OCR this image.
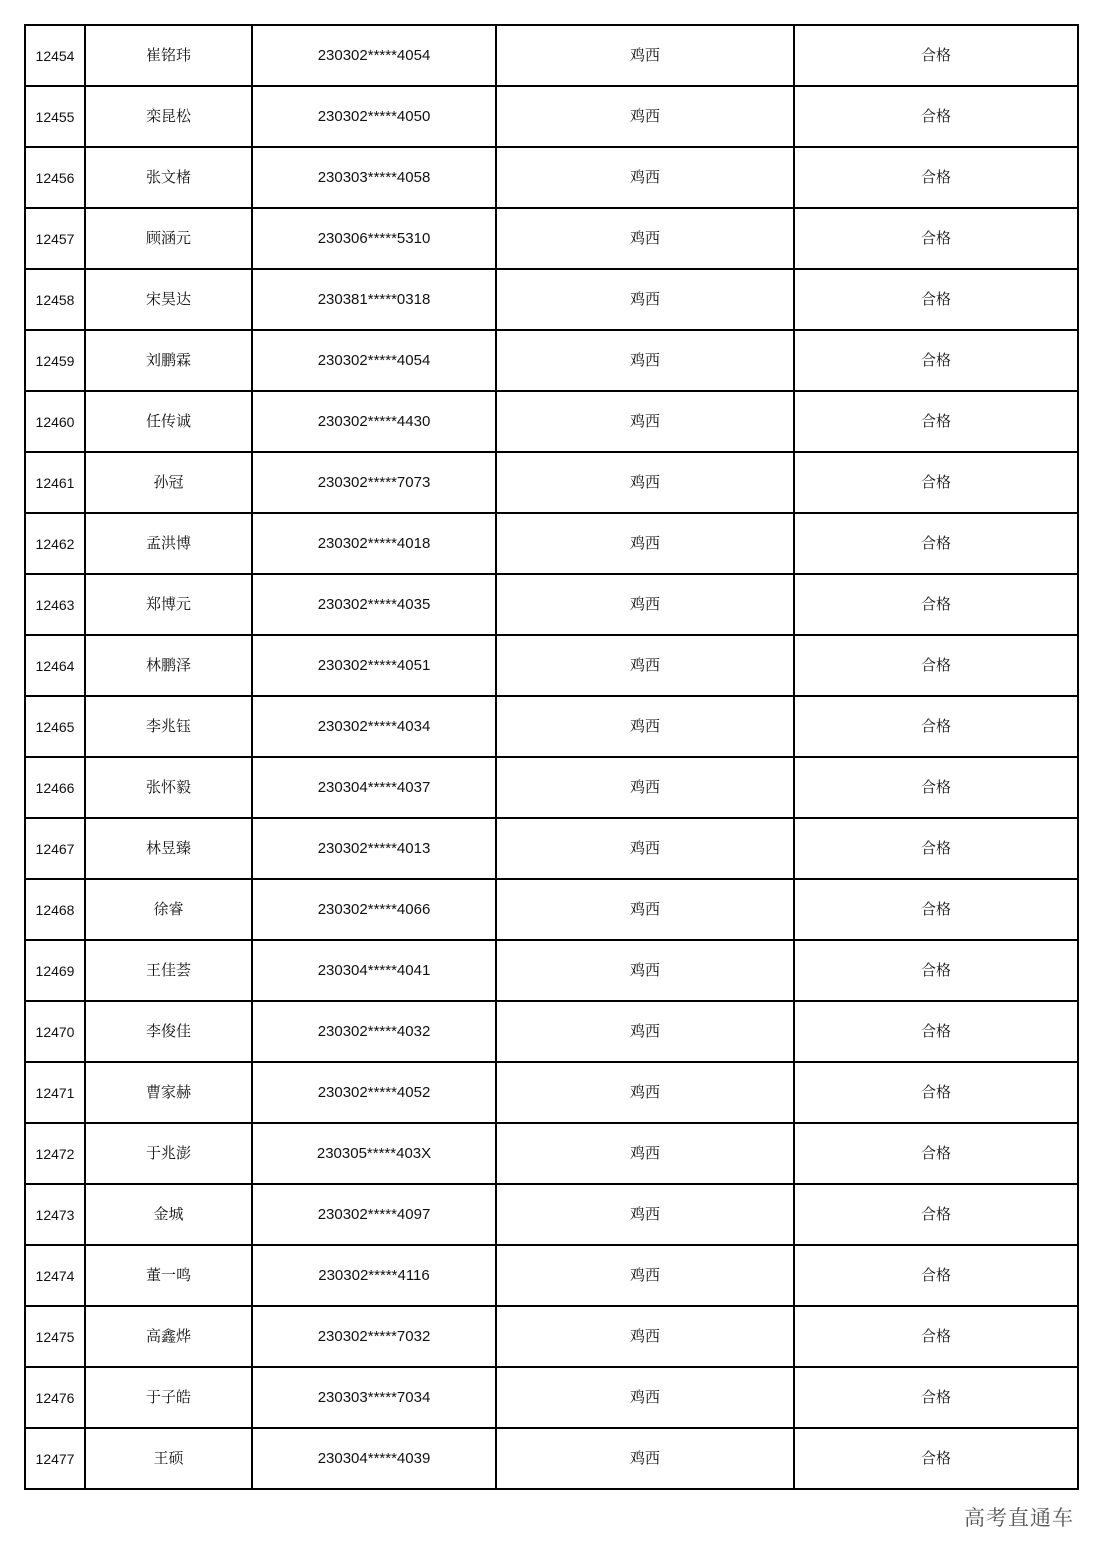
12454	崔铭玮	230302*****4054	鸡西	合格
12455	栾昆松	230302*****4050	鸡西	合格
12456	张文楮	230303*****4058	鸡西	合格
12457	顾涵元	230306*****5310	鸡西	合格
12458	宋昊达	230381*****0318	鸡西	合格
12459	刘鹏霖	230302*****4054	鸡西	合格
12460	任传诚	230302*****4430	鸡西	合格
12461	孙冠	230302*****7073	鸡西	合格
12462	孟洪博	230302*****4018	鸡西	合格
12463	郑博元	230302*****4035	鸡西	合格
12464	林鹏泽	230302*****4051	鸡西	合格
12465	李兆钰	230302*****4034	鸡西	合格
12466	张怀毅	230304*****4037	鸡西	合格
12467	林昱臻	230302*****4013	鸡西	合格
12468	徐睿	230302*****4066	鸡西	合格
12469	王佳荟	230304*****4041	鸡西	合格
12470	李俊佳	230302*****4032	鸡西	合格
12471	曹家赫	230302*****4052	鸡西	合格
12472	于兆澎	230305*****403X	鸡西	合格
12473	金城	230302*****4097	鸡西	合格
12474	董一鸣	230302*****4116	鸡西	合格
12475	高鑫烨	230302*****7032	鸡西	合格
12476	于子皓	230303*****7034	鸡西	合格
12477	王硕	230304*****4039	鸡西	合格
高考直通车
